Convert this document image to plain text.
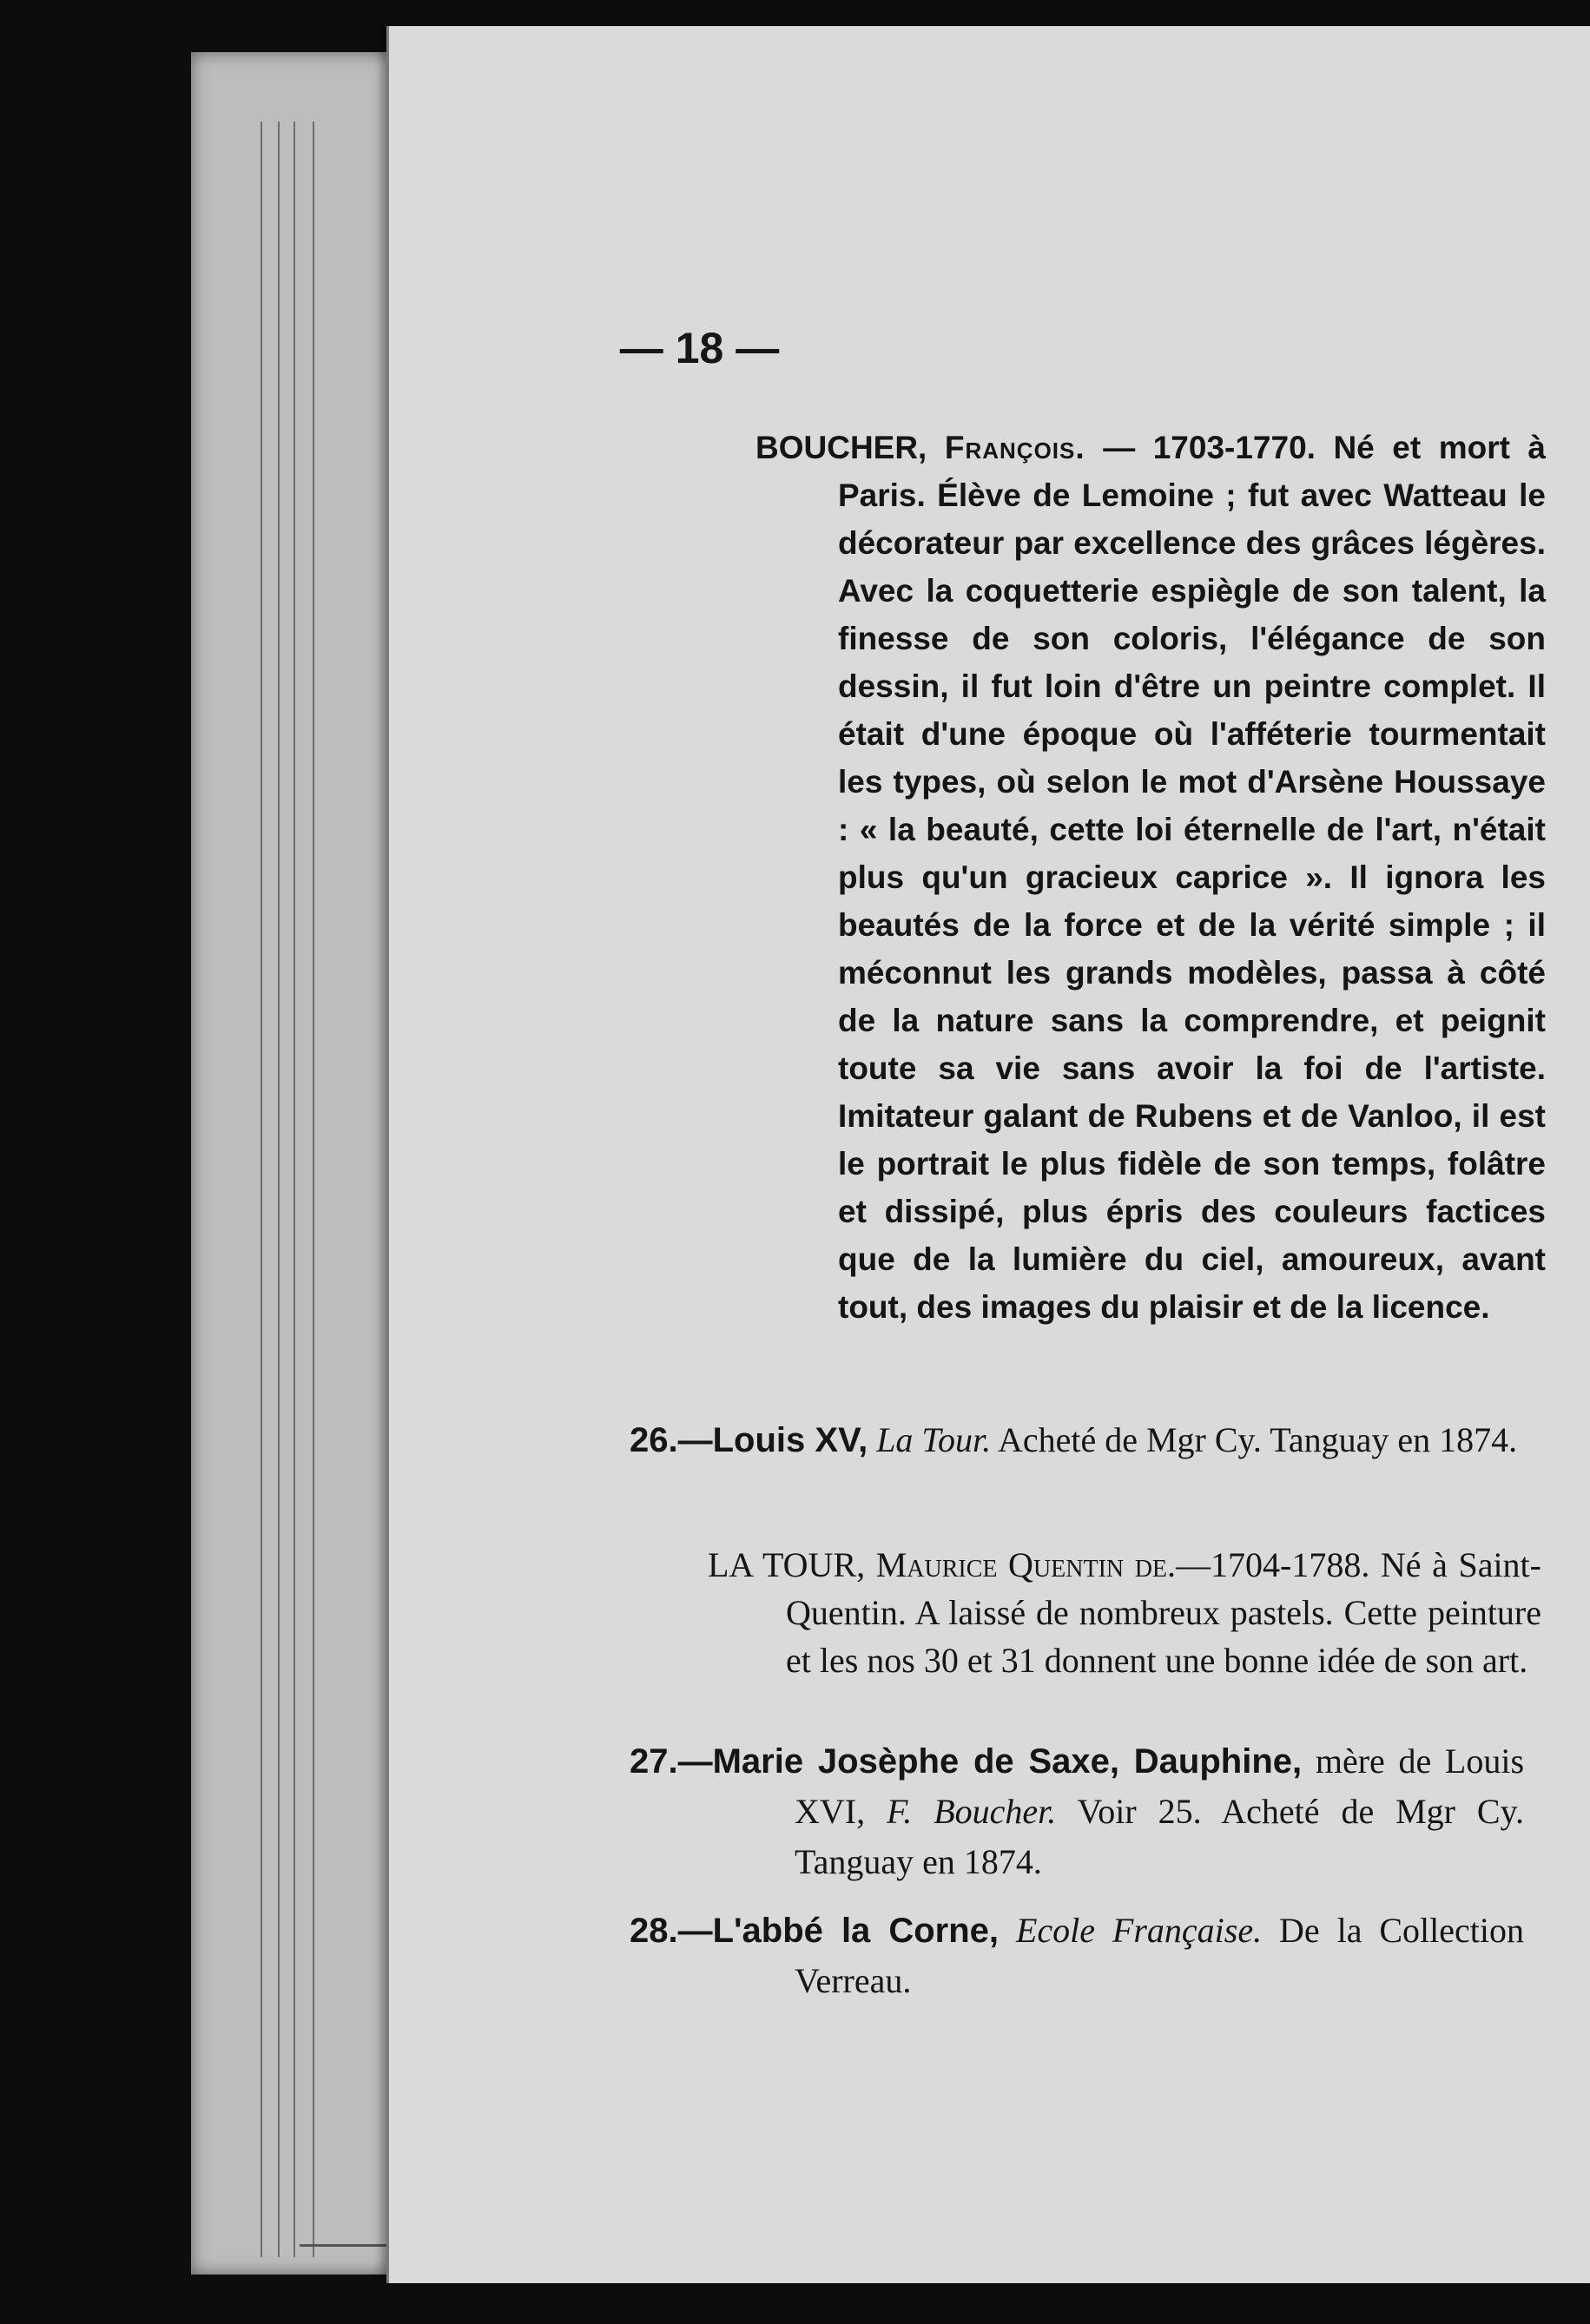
— 18 —
BOUCHER, François. — 1703-1770. Né et mort à Paris. Élève de Lemoine ; fut avec Watteau le décorateur par excellence des grâces légères. Avec la coquetterie espiègle de son talent, la finesse de son coloris, l'élégance de son dessin, il fut loin d'être un peintre complet. Il était d'une époque où l'afféterie tourmentait les types, où selon le mot d'Arsène Houssaye : « la beauté, cette loi éternelle de l'art, n'était plus qu'un gracieux caprice ». Il ignora les beautés de la force et de la vérité simple ; il méconnut les grands modèles, passa à côté de la nature sans la comprendre, et peignit toute sa vie sans avoir la foi de l'artiste. Imitateur galant de Rubens et de Vanloo, il est le portrait le plus fidèle de son temps, folâtre et dissipé, plus épris des couleurs factices que de la lumière du ciel, amoureux, avant tout, des images du plaisir et de la licence.
26.—Louis XV, La Tour. Acheté de Mgr Cy. Tanguay en 1874.
LA TOUR, Maurice Quentin de.—1704-1788. Né à Saint-Quentin. A laissé de nombreux pastels. Cette peinture et les nos 30 et 31 donnent une bonne idée de son art.
27.—Marie Josèphe de Saxe, Dauphine, mère de Louis XVI, F. Boucher. Voir 25. Acheté de Mgr Cy. Tanguay en 1874.
28.—L'abbé la Corne, Ecole Française. De la Collection Verreau.
